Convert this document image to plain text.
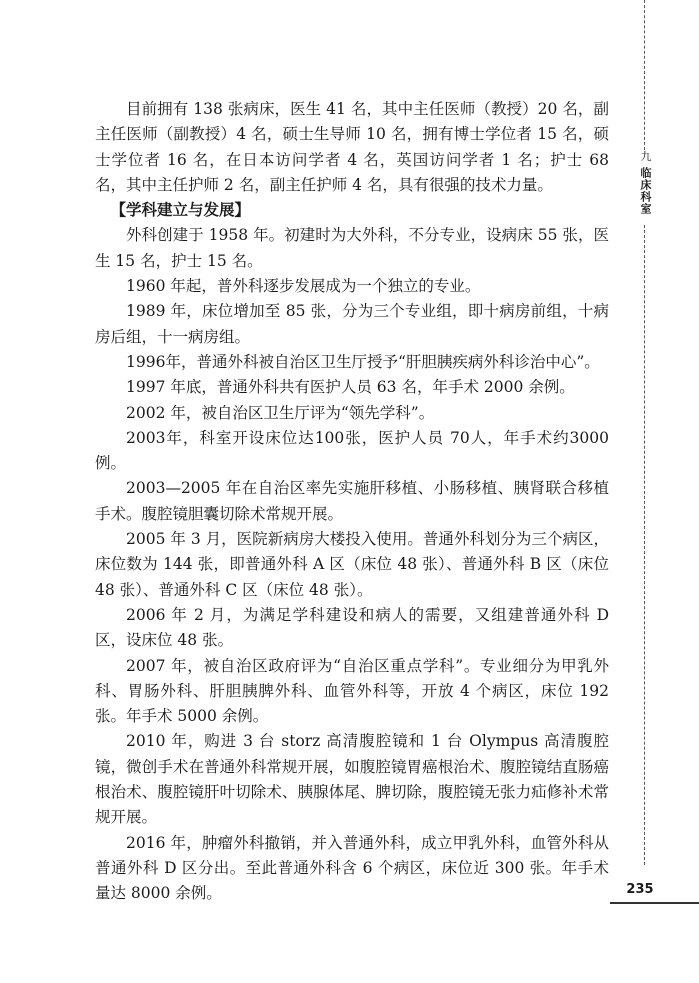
九
临床科室

目前拥有 138 张病床，医生 41 名，其中主任医师（教授）20 名，副主任医师（副教授）4 名，硕士生导师 10 名，拥有博士学位者 15 名，硕士学位者 16 名，在日本访问学者 4 名，英国访问学者 1 名；护士 68 名，其中主任护师 2 名，副主任护师 4 名，具有很强的技术力量。

【学科建立与发展】

外科创建于 1958 年。初建时为大外科，不分专业，设病床 55 张，医生 15 名，护士 15 名。

1960 年起，普外科逐步发展成为一个独立的专业。

1989 年，床位增加至 85 张，分为三个专业组，即十病房前组，十病房后组，十一病房组。

1996年，普通外科被自治区卫生厅授予“肝胆胰疾病外科诊治中心”。

1997 年底，普通外科共有医护人员 63 名，年手术 2000 余例。

2002 年，被自治区卫生厅评为“领先学科”。

2003年，科室开设床位达100张，医护人员 70人，年手术约3000例。

2003—2005 年在自治区率先实施肝移植、小肠移植、胰肾联合移植手术。腹腔镜胆囊切除术常规开展。

2005 年 3 月，医院新病房大楼投入使用。普通外科划分为三个病区，床位数为 144 张，即普通外科 A 区（床位 48 张）、普通外科 B 区（床位 48 张）、普通外科 C 区（床位 48 张）。

2006 年 2 月，为满足学科建设和病人的需要，又组建普通外科 D 区，设床位 48 张。

2007 年，被自治区政府评为“自治区重点学科”。专业细分为甲乳外科、胃肠外科、肝胆胰脾外科、血管外科等，开放 4 个病区，床位 192 张。年手术 5000 余例。

2010 年，购进 3 台 storz 高清腹腔镜和 1 台 Olympus 高清腹腔镜，微创手术在普通外科常规开展，如腹腔镜胃癌根治术、腹腔镜结直肠癌根治术、腹腔镜肝叶切除术、胰腺体尾、脾切除，腹腔镜无张力疝修补术常规开展。

2016 年，肿瘤外科撤销，并入普通外科，成立甲乳外科，血管外科从普通外科 D 区分出。至此普通外科含 6 个病区，床位近 300 张。年手术量达 8000 余例。	235
